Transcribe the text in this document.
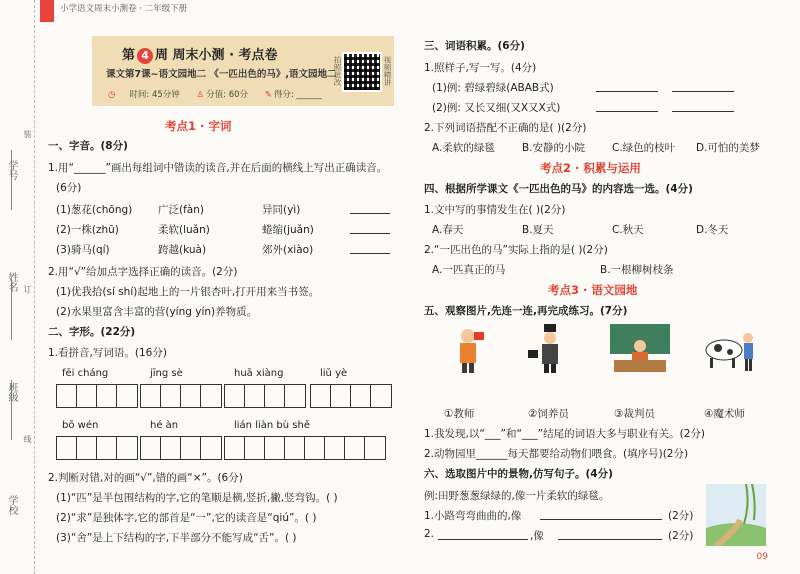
学号
姓名
班级
学校
装
订
线
小学语文周末小测卷 · 二年级下册
第 4 周 周末小测 · 考点卷
课文第7课~语文园地二 《一匹出色的马》,语文园地二
◷ 时间: 45分钟 ♙ 分值: 60分 ✎ 得分: ______
拍照批改	视频精讲
考点1 · 字词
一、字音。(8分)
1.用“______”画出每组词中错读的读音,并在后面的横线上写出正确读音。
(6分)
(1)葱花(chōng) 广泛(fàn)	异同(yì)
(2)一株(zhū)	柔软(luǎn)	蜷缩(juǎn)
(3)骑马(qí)	跨越(kuà)	郊外(xiào)
2.用“√”给加点字选择正确的读音。(2分)
(1)优我拾(sí shí)起地上的一片银杏叶,打开用来当书签。
(2)水果里富含丰富的营(yíng yín)养物质。
二、字形。(22分)
1.看拼音,写词语。(16分)
fēi cháng	jīng sè	huā xiàng	liǔ yè
bō wén	hé àn	lián liàn bù shě
2.判断对错,对的画“√”,错的画“×”。(6分)
(1)“匹”是半包围结构的字,它的笔顺是横,竖折,撇,竖弯钩。( )
(2)“求”是独体字,它的部首是“一”,它的读音是“qiú”。( )
(3)“舍”是上下结构的字,下半部分不能写成“舌”。( )
三、词语积累。(6分)
1.照样子,写一写。(4分)
(1)例: 碧绿碧绿(ABAB式)
(2)例: 又长又细(又X又X式)
2.下列词语搭配不正确的是( )(2分)
A.柔软的绿毯	B.安静的小院	C.绿色的枝叶 D.可怕的美梦
考点2 · 积累与运用
四、根据所学课文《一匹出色的马》的内容选一选。(4分)
1.文中写的事情发生在( )(2分)
A.春天	B.夏天	C.秋天	D.冬天
2.“一匹出色的马”实际上指的是( )(2分)
A.一匹真正的马	B.一根柳树枝条
考点3 · 语文园地
五、观察图片,先连一连,再完成练习。(7分)
①教师	②饲养员	③裁判员	④魔术师
1.我发现,以“___”和“___”结尾的词语大多与职业有关。(2分)
2.动物园里______每天都要给动物们喂食。(填序号)(2分)
六、选取图片中的景物,仿写句子。(4分)
例:田野葱葱绿绿的,像一片柔软的绿毯。
1.小路弯弯曲曲的,像	(2分)
2.	,像	(2分)
09
